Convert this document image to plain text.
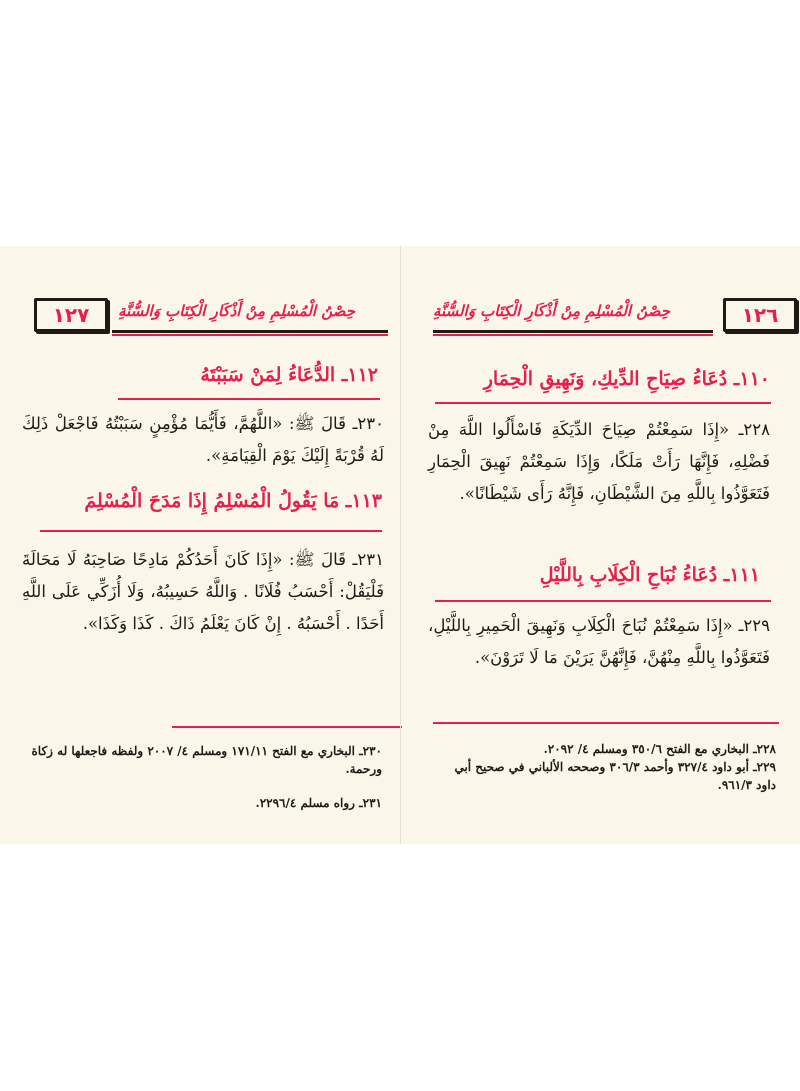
١٢٧	حِصْنُ الْمُسْلِمِ مِنْ أَذْكَارِ الْكِتَابِ وَالسُّنَّةِ
١١٢ـ الدُّعَاءُ لِمَنْ سَبَبْتَهُ
٢٣٠ـ قَالَ ﷺ: «اللَّهُمَّ، فَأَيُّمَا مُؤْمِنٍ سَبَبْتُهُ فَاجْعَلْ ذَلِكَ لَهُ قُرْبَةً إِلَيْكَ يَوْمَ الْقِيَامَةِ».
١١٣ـ مَا يَقُولُ الْمُسْلِمُ إِذَا مَدَحَ الْمُسْلِمَ
٢٣١ـ قَالَ ﷺ: «إِذَا كَانَ أَحَدُكُمْ مَادِحًا صَاحِبَهُ لَا مَحَالَةَ فَلْيَقُلْ: أَحْسَبُ فُلَانًا . وَاللَّهُ حَسِيبُهُ، وَلَا أُزَكِّي عَلَى اللَّهِ أَحَدًا . أَحْسَبُهُ . إِنْ كَانَ يَعْلَمُ ذَاكَ . كَذَا وَكَذَا».
٢٣٠ـ البخاري مع الفتح ١٧١/١١ ومسلم ٤/ ٢٠٠٧ ولفظه فاجعلها له زكاة ورحمة.
٢٣١ـ رواه مسلم ٢٢٩٦/٤.
١٢٦
حِصْنُ الْمُسْلِمِ مِنْ أَذْكَارِ الْكِتَابِ وَالسُّنَّةِ
١١٠ـ دُعَاءُ صِيَاحِ الدِّيكِ، وَنَهِيقِ الْحِمَارِ
٢٢٨ـ «إِذَا سَمِعْتُمْ صِيَاحَ الدِّيَكَةِ فَاسْأَلُوا اللَّهَ مِنْ فَضْلِهِ، فَإِنَّهَا رَأَتْ مَلَكًا، وَإِذَا سَمِعْتُمْ نَهِيقَ الْحِمَارِ فَتَعَوَّذُوا بِاللَّهِ مِنَ الشَّيْطَانِ، فَإِنَّهُ رَأَى شَيْطَانًا».
١١١ـ دُعَاءُ نُبَاحِ الْكِلَابِ بِاللَّيْلِ
٢٢٩ـ «إِذَا سَمِعْتُمْ نُبَاحَ الْكِلَابِ وَنَهِيقَ الْحَمِيرِ بِاللَّيْلِ، فَتَعَوَّذُوا بِاللَّهِ مِنْهُنَّ، فَإِنَّهُنَّ يَرَيْنَ مَا لَا تَرَوْنَ».
٢٢٨ـ البخاري مع الفتح ٣٥٠/٦ ومسلم ٤/ ٢٠٩٢.
٢٢٩ـ أبو داود ٣٢٧/٤ وأحمد ٣٠٦/٣ وصححه الألباني في صحيح أبي داود ٩٦١/٣.
